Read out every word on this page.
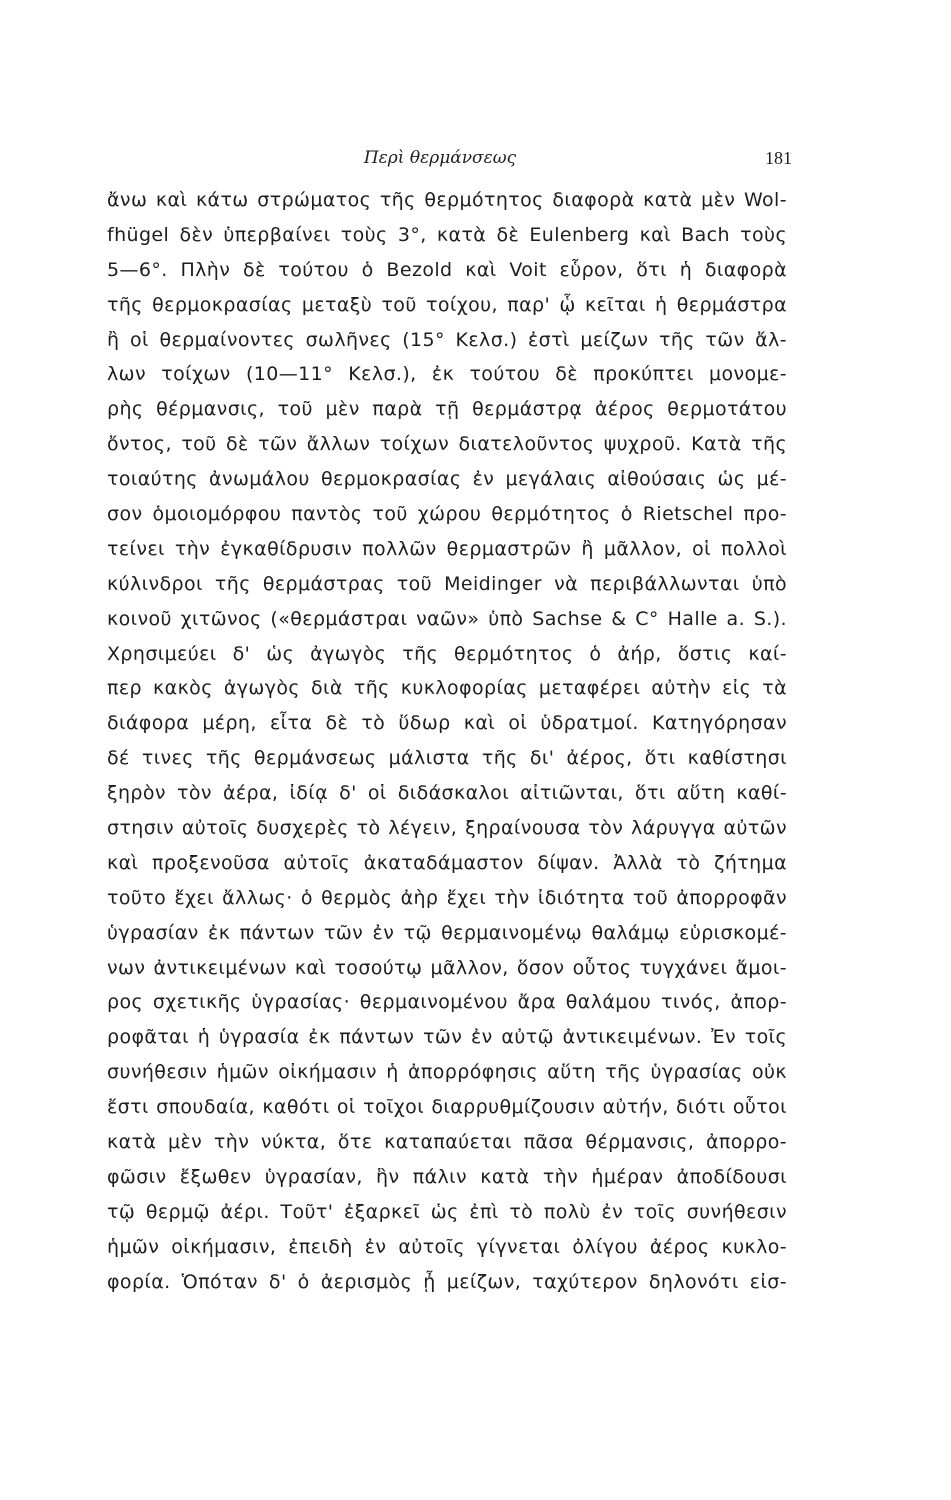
Περὶ θερμάνσεως	181
ἄνω καὶ κάτω στρώματος τῆς θερμότητος διαφορὰ κατὰ μὲν Wol-
fhügel δὲν ὑπερβαίνει τοὺς 3°, κατὰ δὲ Eulenberg καὶ Bach τοὺς
5—6°. Πλὴν δὲ τούτου ὁ Bezold καὶ Voit εὗρον, ὅτι ἡ διαφορὰ
τῆς θερμοκρασίας μεταξὺ τοῦ τοίχου, παρ' ᾧ κεῖται ἡ θερμάστρα
ἢ οἱ θερμαίνοντες σωλῆνες (15° Κελσ.) ἐστὶ μείζων τῆς τῶν ἄλ-
λων τοίχων (10—11° Κελσ.), ἐκ τούτου δὲ προκύπτει μονομε-
ρὴς θέρμανσις, τοῦ μὲν παρὰ τῇ θερμάστρᾳ ἀέρος θερμοτάτου
ὄντος, τοῦ δὲ τῶν ἄλλων τοίχων διατελοῦντος ψυχροῦ. Κατὰ τῆς
τοιαύτης ἀνωμάλου θερμοκρασίας ἐν μεγάλαις αἰθούσαις ὡς μέ-
σον ὁμοιομόρφου παντὸς τοῦ χώρου θερμότητος ὁ Rietschel προ-
τείνει τὴν ἐγκαθίδρυσιν πολλῶν θερμαστρῶν ἢ μᾶλλον, οἱ πολλοὶ
κύλινδροι τῆς θερμάστρας τοῦ Meidinger νὰ περιβάλλωνται ὑπὸ
κοινοῦ χιτῶνος («θερμάστραι ναῶν» ὑπὸ Sachse & C° Halle a. S.).
Χρησιμεύει δ' ὡς ἀγωγὸς τῆς θερμότητος ὁ ἀήρ, ὅστις καί-
περ κακὸς ἀγωγὸς διὰ τῆς κυκλοφορίας μεταφέρει αὐτὴν εἰς τὰ
διάφορα μέρη, εἶτα δὲ τὸ ὕδωρ καὶ οἱ ὑδρατμοί. Κατηγόρησαν
δέ τινες τῆς θερμάνσεως μάλιστα τῆς δι' ἀέρος, ὅτι καθίστησι
ξηρὸν τὸν ἀέρα, ἰδίᾳ δ' οἱ διδάσκαλοι αἰτιῶνται, ὅτι αὕτη καθί-
στησιν αὐτοῖς δυσχερὲς τὸ λέγειν, ξηραίνουσα τὸν λάρυγγα αὐτῶν
καὶ προξενοῦσα αὐτοῖς ἀκαταδάμαστον δίψαν. Ἀλλὰ τὸ ζήτημα
τοῦτο ἔχει ἄλλως· ὁ θερμὸς ἀὴρ ἔχει τὴν ἰδιότητα τοῦ ἀπορροφᾶν
ὑγρασίαν ἐκ πάντων τῶν ἐν τῷ θερμαινομένῳ θαλάμῳ εὑρισκομέ-
νων ἀντικειμένων καὶ τοσούτῳ μᾶλλον, ὅσον οὗτος τυγχάνει ἄμοι-
ρος σχετικῆς ὑγρασίας· θερμαινομένου ἄρα θαλάμου τινός, ἀπορ-
ροφᾶται ἡ ὑγρασία ἐκ πάντων τῶν ἐν αὐτῷ ἀντικειμένων. Ἐν τοῖς
συνήθεσιν ἡμῶν οἰκήμασιν ἡ ἀπορρόφησις αὕτη τῆς ὑγρασίας οὐκ
ἔστι σπουδαία, καθότι οἱ τοῖχοι διαρρυθμίζουσιν αὐτήν, διότι οὗτοι
κατὰ μὲν τὴν νύκτα, ὅτε καταπαύεται πᾶσα θέρμανσις, ἀπορρο-
φῶσιν ἔξωθεν ὑγρασίαν, ἣν πάλιν κατὰ τὴν ἡμέραν ἀποδίδουσι
τῷ θερμῷ ἀέρι. Τοῦτ' ἐξαρκεῖ ὡς ἐπὶ τὸ πολὺ ἐν τοῖς συνήθεσιν
ἡμῶν οἰκήμασιν, ἐπειδὴ ἐν αὐτοῖς γίγνεται ὀλίγου ἀέρος κυκλο-
φορία. Ὁπόταν δ' ὁ ἀερισμὸς ᾖ μείζων, ταχύτερον δηλονότι εἰσ-
